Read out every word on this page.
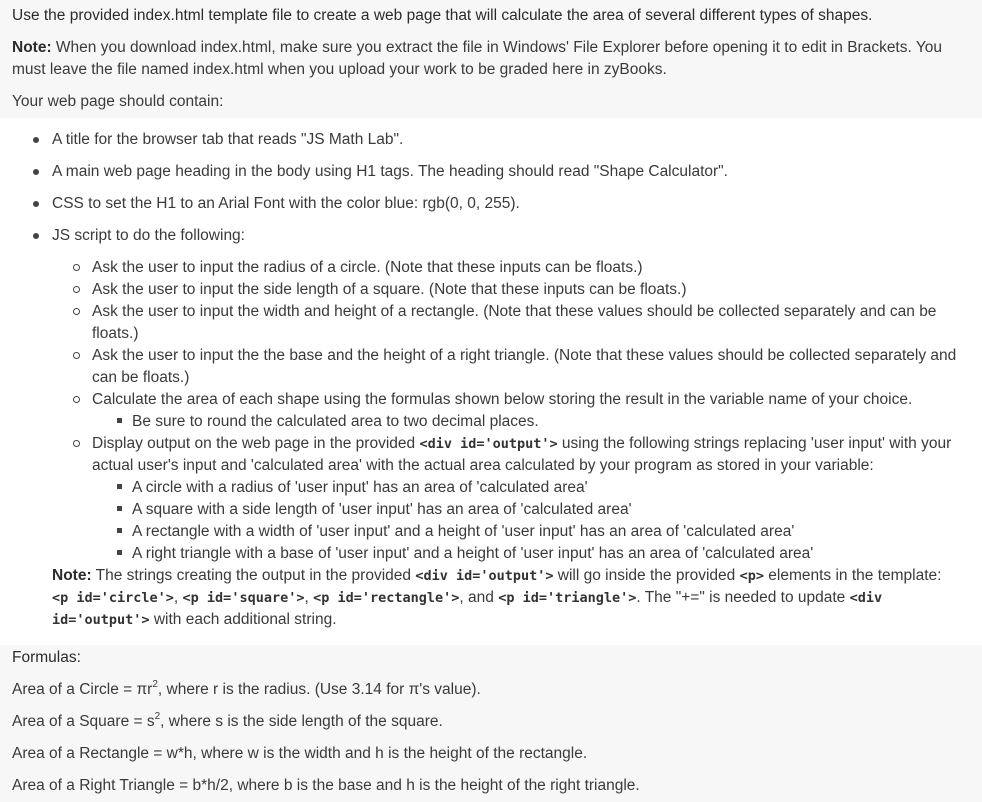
Use the provided index.html template file to create a web page that will calculate the area of several different types of shapes.
Note: When you download index.html, make sure you extract the file in Windows' File Explorer before opening it to edit in Brackets. You
must leave the file named index.html when you upload your work to be graded here in zyBooks.
Your web page should contain:
A title for the browser tab that reads "JS Math Lab".
A main web page heading in the body using H1 tags. The heading should read "Shape Calculator".
CSS to set the H1 to an Arial Font with the color blue: rgb(0, 0, 255).
JS script to do the following:
Ask the user to input the radius of a circle. (Note that these inputs can be floats.)
Ask the user to input the side length of a square. (Note that these inputs can be floats.)
Ask the user to input the width and height of a rectangle. (Note that these values should be collected separately and can be
floats.)
Ask the user to input the the base and the height of a right triangle. (Note that these values should be collected separately and
can be floats.)
Calculate the area of each shape using the formulas shown below storing the result in the variable name of your choice.
Be sure to round the calculated area to two decimal places.
Display output on the web page in the provided <div id='output'> using the following strings replacing 'user input' with your
actual user's input and 'calculated area' with the actual area calculated by your program as stored in your variable:
A circle with a radius of 'user input' has an area of 'calculated area'
A square with a side length of 'user input' has an area of 'calculated area'
A rectangle with a width of 'user input' and a height of 'user input' has an area of 'calculated area'
A right triangle with a base of 'user input' and a height of 'user input' has an area of 'calculated area'
Note: The strings creating the output in the provided <div id='output'> will go inside the provided <p> elements in the template:
<p id='circle'>, <p id='square'>, <p id='rectangle'>, and <p id='triangle'>. The "+=" is needed to update <div
id='output'> with each additional string.
Formulas:
Area of a Circle = $\pi r^2$, where r is the radius. (Use 3.14 for π's value).
Area of a Square = $s^2$, where s is the side length of the square.
Area of a Rectangle = w*h, where w is the width and h is the height of the rectangle.
Area of a Right Triangle = b*h/2, where b is the base and h is the height of the right triangle.
